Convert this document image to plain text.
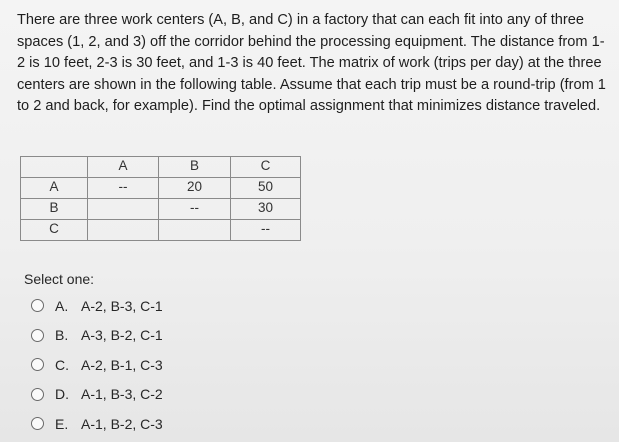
There are three work centers (A, B, and C) in a factory that can each fit into any of three spaces (1, 2, and 3) off the corridor behind the processing equipment. The distance from 1-2 is 10 feet, 2-3 is 30 feet, and 1-3 is 40 feet. The matrix of work (trips per day) at the three centers are shown in the following table. Assume that each trip must be a round-trip (from 1 to 2 and back, for example). Find the optimal assignment that minimizes distance traveled.

	A	B	C

A	--	20	50

B		--	30

C			--
Select one:
A. A-2, B-3, C-1
B. A-3, B-2, C-1
C. A-2, B-1, C-3
D. A-1, B-3, C-2
E. A-1, B-2, C-3
